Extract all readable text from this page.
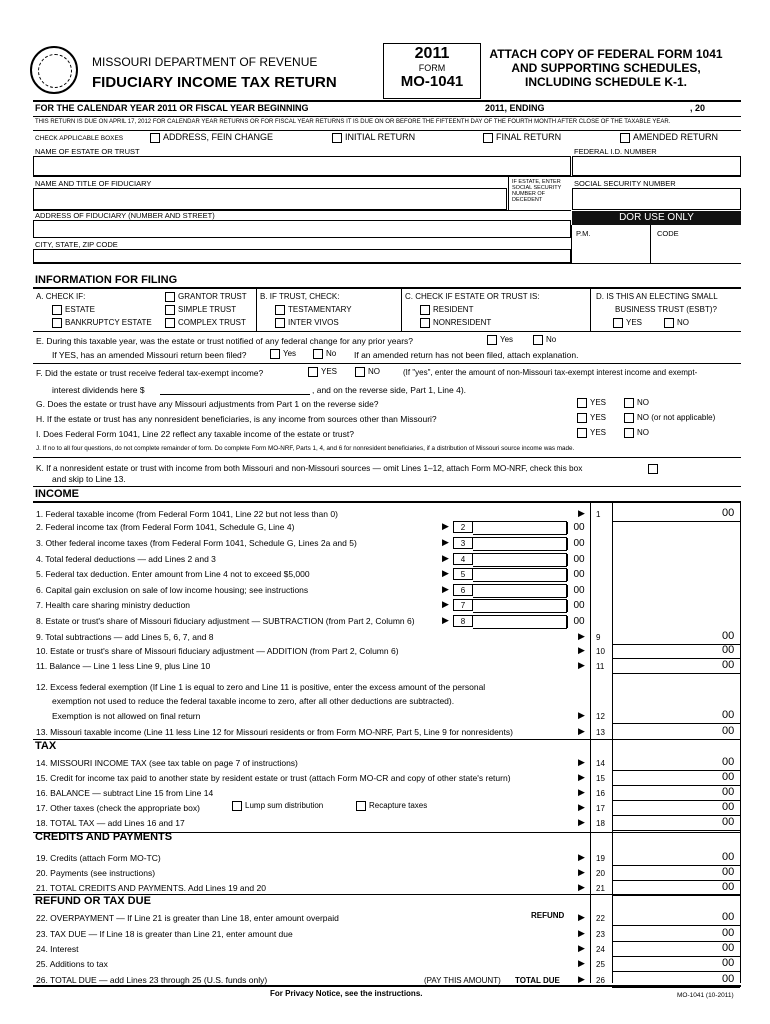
MISSOURI DEPARTMENT OF REVENUE
FIDUCIARY INCOME TAX RETURN
2011
FORM
MO-1041
ATTACH COPY OF FEDERAL FORM 1041
AND SUPPORTING SCHEDULES,
INCLUDING SCHEDULE K-1.
FOR THE CALENDAR YEAR 2011 OR FISCAL YEAR BEGINNING	2011, ENDING	, 20
THIS RETURN IS DUE ON APRIL 17, 2012 FOR CALENDAR YEAR RETURNS OR FOR FISCAL YEAR RETURNS IT IS DUE ON OR BEFORE THE FIFTEENTH DAY OF THE FOURTH MONTH AFTER CLOSE OF THE TAXABLE YEAR.
CHECK APPLICABLE BOXES	ADDRESS, FEIN CHANGE	INITIAL RETURN	FINAL RETURN	AMENDED RETURN
NAME OF ESTATE OR TRUST	FEDERAL I.D. NUMBER
NAME AND TITLE OF FIDUCIARY	IF ESTATE, ENTER SOCIAL SECURITY NUMBER OF DECEDENT
SOCIAL SECURITY NUMBER
ADDRESS OF FIDUCIARY (NUMBER AND STREET)	DOR USE ONLY
P.M.	CODE
CITY, STATE, ZIP CODE
INFORMATION FOR FILING
A. CHECK IF:
ESTATE
BANKRUPTCY ESTATE
GRANTOR TRUST
SIMPLE TRUST
COMPLEX TRUST
B. IF TRUST, CHECK:
TESTAMENTARY
INTER VIVOS
C. CHECK IF ESTATE OR TRUST IS:
RESIDENT
NONRESIDENT
D. IS THIS AN ELECTING SMALL
BUSINESS TRUST (ESBT)?
YES	NO
E. During this taxable year, was the estate or trust notified of any federal change for any prior years?	Yes	No
If YES, has an amended Missouri return been filed?	Yes	No If an amended return has not been filed, attach explanation.
F. Did the estate or trust receive federal tax-exempt income?	YES	NO	(If "yes", enter the amount of non-Missouri tax-exempt interest income and exempt-
interest dividends here $	, and on the reverse side, Part 1, Line 4).
G. Does the estate or trust have any Missouri adjustments from Part 1 on the reverse side?	YES	NO
H. If the estate or trust has any nonresident beneficiaries, is any income from sources other than Missouri?	YES	NO (or not applicable)
I. Does Federal Form 1041, Line 22 reflect any taxable income of the estate or trust?	YES	NO
J. If no to all four questions, do not complete remainder of form. Do complete Form MO-NRF, Parts 1, 4, and 6 for nonresident beneficiaries, if a distribution of Missouri source income was made.
K. If a nonresident estate or trust with income from both Missouri and non-Missouri sources — omit Lines 1–12, attach Form MO-NRF, check this box
and skip to Line 13.
INCOME
1. Federal taxable income (from Federal Form 1041, Line 22 but not less than 0)	▶ 1	00
2. Federal income tax (from Federal Form 1041, Schedule G, Line 4)	▶	2	00
3. Other federal income taxes (from Federal Form 1041, Schedule G, Lines 2a and 5)	▶	3	00
4. Total federal deductions — add Lines 2 and 3	▶	4	00
5. Federal tax deduction. Enter amount from Line 4 not to exceed $5,000	▶	5	00
6. Capital gain exclusion on sale of low income housing; see instructions	▶	6	00
7. Health care sharing ministry deduction	▶	7	00
8. Estate or trust's share of Missouri fiduciary adjustment — SUBTRACTION (from Part 2, Column 6)	▶	8	00
9. Total subtractions — add Lines 5, 6, 7, and 8	▶ 9	00
10. Estate or trust's share of Missouri fiduciary adjustment — ADDITION (from Part 2, Column 6)	▶ 10	00
11. Balance — Line 1 less Line 9, plus Line 10	▶ 11	00
Exemption is not allowed on final return	▶ 12	00
13. Missouri taxable income (Line 11 less Line 12 for Missouri residents or from Form MO-NRF, Part 5, Line 9 for nonresidents)	▶ 13	00
14. MISSOURI INCOME TAX (see tax table on page 7 of instructions)	▶ 14	00
15. Credit for income tax paid to another state by resident estate or trust (attach Form MO-CR and copy of other state's return)	▶ 15	00
16. BALANCE — subtract Line 15 from Line 14	▶ 16	00
17. Other taxes (check the appropriate box)	▶ 17	00
18. TOTAL TAX — add Lines 16 and 17	▶ 18	00
19. Credits (attach Form MO-TC)	▶ 19	00
20. Payments (see instructions)	▶ 20	00
21. TOTAL CREDITS AND PAYMENTS. Add Lines 19 and 20	▶ 21	00
22. OVERPAYMENT — If Line 21 is greater than Line 18, enter amount overpaid	▶ 22	00
23. TAX DUE — If Line 18 is greater than Line 21, enter amount due	▶ 23	00
24. Interest	▶ 24	00
25. Additions to tax	▶ 25	00
26. TOTAL DUE — add Lines 23 through 25 (U.S. funds only)	▶ 26	00
12. Excess federal exemption (If Line 1 is equal to zero and Line 11 is positive, enter the excess amount of the personal
exemption not used to reduce the federal taxable income to zero, after all other deductions are subtracted).
TAX
CREDITS AND PAYMENTS
REFUND OR TAX DUE
Lump sum distribution	Recapture taxes
REFUND
(PAY THIS AMOUNT) TOTAL DUE
For Privacy Notice, see the instructions.	MO-1041 (10-2011)
